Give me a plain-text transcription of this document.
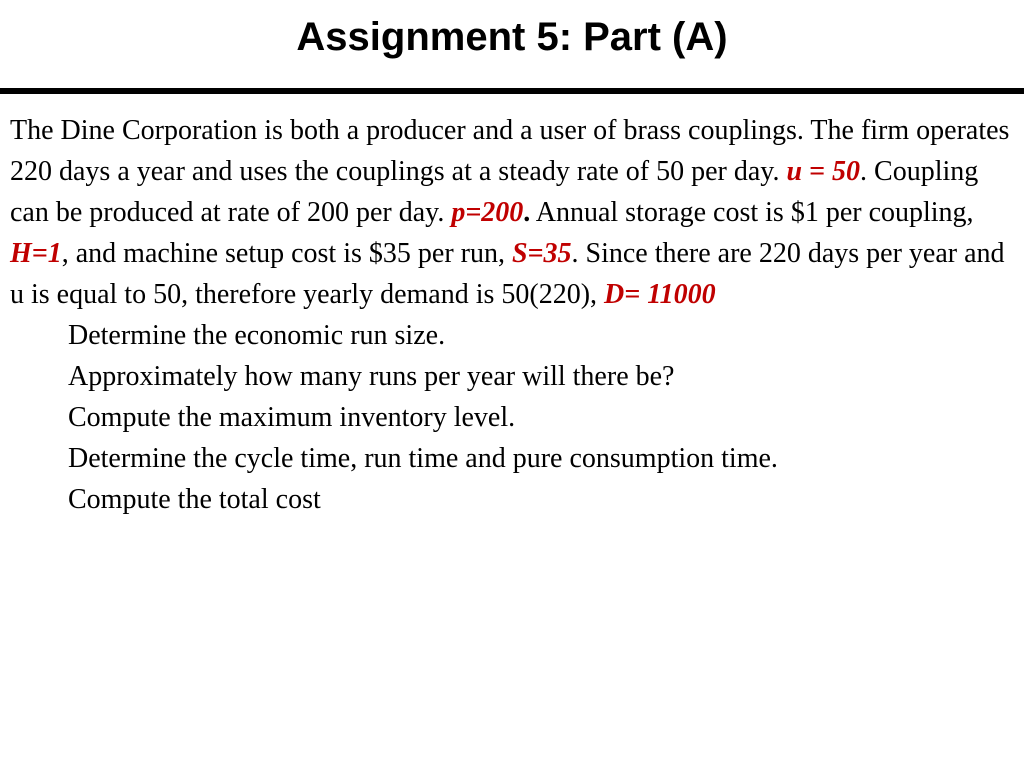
Assignment 5: Part (A)
The Dine Corporation is both a producer and a user of brass couplings. The firm operates 220 days a year and uses the couplings at a steady rate of 50 per day. u = 50. Coupling can be produced at rate of 200 per day. p=200. Annual storage cost is $1 per coupling, H=1, and machine setup cost is $35 per run, S=35. Since there are 220 days per year and u is equal to 50, therefore yearly demand is 50(220), D= 11000
Determine the economic run size.
Approximately how many runs per year will there be?
Compute the maximum inventory level.
Determine the cycle time, run time and pure consumption time.
Compute the total cost
